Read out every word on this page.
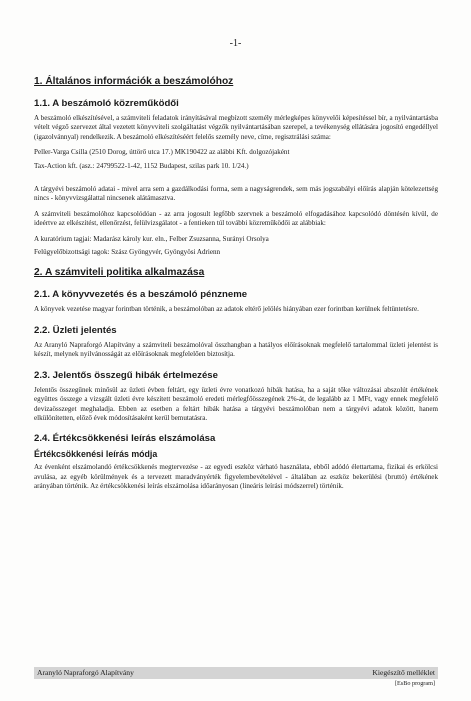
-1-
1. Általános információk a beszámolóhoz
1.1. A beszámoló közreműködői

A beszámoló elkészítésével, a számviteli feladatok irányításával megbízott személy mérlegképes könyvelői képesítéssel bír, a nyilvántartásba vételt végző szervezet által vezetett könyvviteli szolgáltatást végzők nyilvántartásában szerepel, a tevékenység ellátására jogosító engedéllyel (igazolvánnyal) rendelkezik. A beszámoló elkészítéséért felelős személy neve, címe, regisztrálási száma:

Peller-Varga Csilla (2510 Dorog, úttörő utca 17.) MK190422 az alábbi Kft. dolgozójaként

Tax-Action kft. (asz.: 24799522-1-42, 1152 Budapest, szilas park 10. 1/24.)

A tárgyévi beszámoló adatai - mivel arra sem a gazdálkodási forma, sem a nagyságrendek, sem más jogszabályi előírás alapján kötelezettség nincs - könyvvizsgálattal nincsenek alátámasztva.

A számviteli beszámolóhoz kapcsolódóan - az arra jogosult legfőbb szervnek a beszámoló elfogadásához kapcsolódó döntésén kívül, de ideértve az elkészítést, ellenőrzést, felülvizsgálatot - a fentieken túl további közreműködői az alábbiak:

A kuratórium tagjai: Madarász károly kur. eln., Felber Zsuzsanna, Surányi Orsolya

Felügyelőbizottsági tagok: Szász Gyöngyvér, Gyöngyösi Adrienn

2. A számviteli politika alkalmazása
2.1. A könyvvezetés és a beszámoló pénzneme

A könyvek vezetése magyar forintban történik, a beszámolóban az adatok eltérő jelölés hiányában ezer forintban kerülnek feltüntetésre.

2.2. Üzleti jelentés

Az Aranyló Napraforgó Alapítvány a számviteli beszámolóval összhangban a hatályos előírásoknak megfelelő tartalommal üzleti jelentést is készít, melynek nyilvánosságát az előírásoknak megfelelően biztosítja.

2.3. Jelentős összegű hibák értelmezése

Jelentős összegűnek minősül az üzleti évben feltárt, egy üzleti évre vonatkozó hibák hatása, ha a saját tőke változásai abszolút értékének együttes összege a vizsgált üzleti évre készített beszámoló eredeti mérlegfőösszegének 2%-át, de legalább az 1 MFt, vagy ennek megfelelő devizaösszeget meghaladja. Ebben az esetben a feltárt hibák hatása a tárgyévi beszámolóban nem a tárgyévi adatok között, hanem elkülönítetten, előző évek módosításaként kerül bemutatásra.

2.4. Értékcsökkenési leírás elszámolása
Értékcsökkenési leírás módja

Az évenként elszámolandó értékcsökkenés megtervezése - az egyedi eszköz várható használata, ebből adódó élettartama, fizikai és erkölcsi avulása, az egyéb körülmények és a tervezett maradványérték figyelembevételével - általában az eszköz bekerülési (bruttó) értékének arányában történik. Az értékcsökkenési leírás elszámolása időarányosan (lineáris leírási módszerrel) történik.

Aranyló Napraforgó Alapítvány	Kiegészítő melléklet
[EsBo program]
